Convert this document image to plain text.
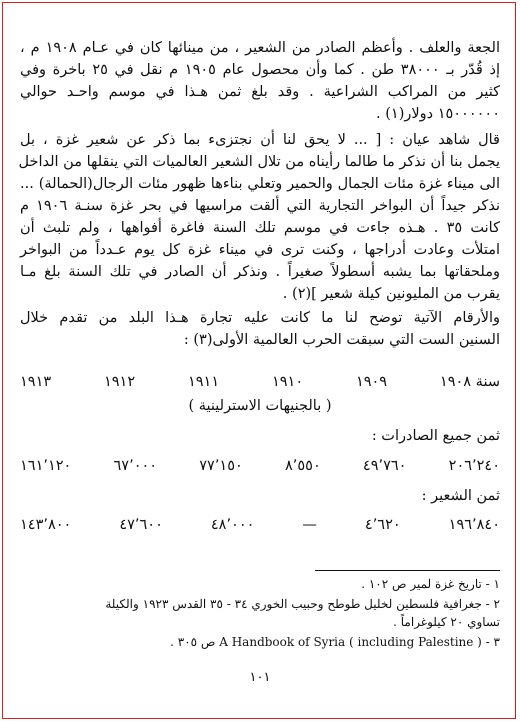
الجعة والعلف . وأعظم الصادر من الشعير ، من مينائها كان في عـام ١٩٠٨ م ،
إذ قُدّر بـ ٣٨٠٠٠ طن . كما وأن محصول عام ١٩٠٥ م نقل في ٢٥ باخرة وفي
كثير من المراكب الشراعية . وقد بلغ ثمن هـذا في موسم واحـد حوالي
١٥٠٠٠٠٠٠ دولار(١) .
قال شاهد عيان : [ ... لا يحق لنا أن نجتزىء بما ذكر عن شعير غزة ، بل
يجمل بنا أن نذكر ما طالما رأيناه من تلال الشعير العالميات التي ينقلها من الداخل
الى ميناء غزة مئات الجمال والحمير وتعلي بناءها ظهور مئات الرجال(الحمالة) ...
نذكر جيداً أن البواخر التجارية التي ألقت مراسيها في بحر غزة سنـة ١٩٠٦ م
كانت ٣٥ . هـذه جاءت في موسم تلك السنة فاغرة أفواهها ، ولم تلبث أن
امتلأت وعادت أدراجها ، وكنت ترى في ميناء غزة كل يوم عـدداً من البواخر
وملحقاتها بما يشبه أسطولاً صغيراً . ونذكر أن الصادر في تلك السنة بلغ مـا
يقرب من المليونين كيلة شعير ](٢) .
والأرقام الآتية توضح لنا ما كانت عليه تجارة هـذا البلد من تقدم خلال
السنين الست التي سبقت الحرب العالمية الأولى(٣) :
سنة ١٩٠٨
١٩٠٩
١٩١٠
١٩١١
١٩١٢
١٩١٣
( بالجنيهات الاسترلينية )
ثمن جميع الصادرات :
٢٠٦٬٢٤٠
٤٩٬٧٦٠
٨٬٥٥٠
٧٧٬١٥٠
٦٧٬٠٠٠
١٦١٬١٢٠
ثمن الشعير :
١٩٦٬٨٤٠
٤٬٦٢٠
—
٤٨٬٠٠٠
٤٧٬٦٠٠
١٤٣٬٨٠٠
١ - تاريخ غزة لمير ص ١٠٢ .
٢ - جغرافية فلسطين لخليل طوطح وحبيب الخوري ٣٤ - ٣٥ القدس ١٩٢٣ والكيلة
تساوي ٢٠ كيلوغراماً .
٣ - A Handbook of Syria ( including Palestine ) ص ٣٠٥ .
١٠١
